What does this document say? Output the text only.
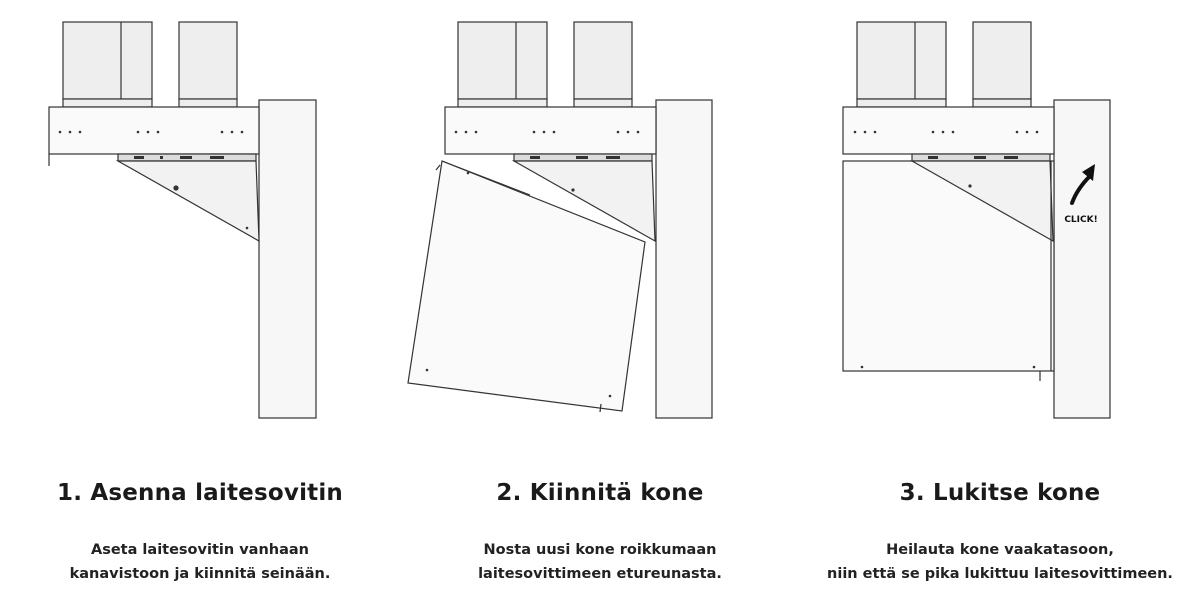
1. Asenna laitesovitin

Aseta laitesovitin vanhaan
kanavistoon ja kiinnitä seinään.

2. Kiinnitä kone

Nosta uusi kone roikkumaan
laitesovittimeen etureunasta.

CLICK!

3. Lukitse kone

Heilauta kone vaakatasoon,
niin että se pika lukittuu laitesovittimeen.
